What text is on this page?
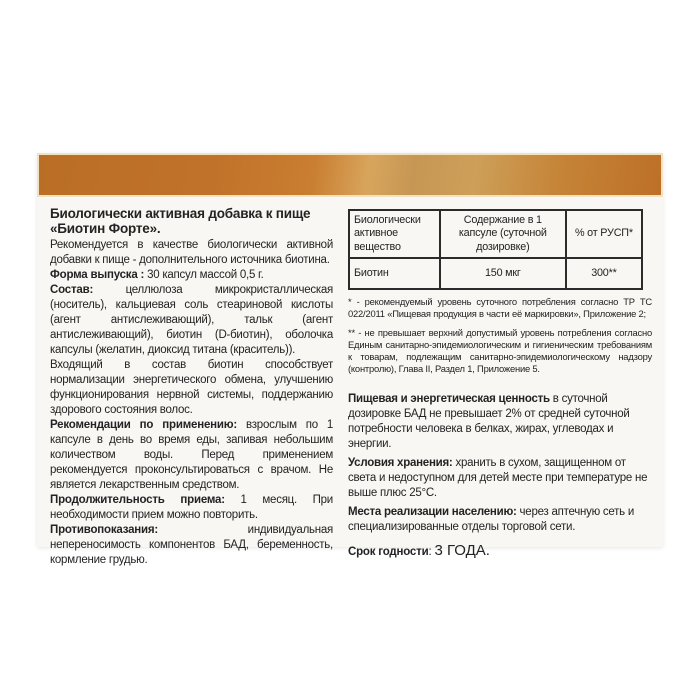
Биологически активная добавка к пище
«Биотин Форте».

Рекомендуется в качестве биологически активной добавки к пище - дополнительного источника биотина.

Форма выпуска : 30 капсул массой 0,5 г.

Состав: целлюлоза микрокристаллическая (носитель), кальциевая соль стеариновой кислоты (агент антислеживающий), тальк (агент антислеживающий), биотин (D-биотин), оболочка капсулы (желатин, диоксид титана (краситель)).

Входящий в состав биотин способствует нормализации энергетического обмена, улучшению функционирования нервной системы, поддержанию здорового состояния волос.

Рекомендации по применению: взрослым по 1 капсуле в день во время еды, запивая небольшим количеством воды. Перед применением рекомендуется проконсультироваться с врачом. Не является лекарственным средством.

Продолжительность приема: 1 месяц. При необходимости прием можно повторить.

Противопоказания: индивидуальная непереносимость компонентов БАД, беременность, кормление грудью.

Биологически активное вещество	Содержание в 1 капсуле (суточной дозировке)	% от РУСП*
Биотин	150 мкг	300**

* - рекомендуемый уровень суточного потребления согласно ТР ТС 022/2011 «Пищевая продукция в части её маркировки», Приложение 2;

** - не превышает верхний допустимый уровень потребления согласно Единым санитарно-эпидемиологическим и гигиеническим требованиям к товарам, подлежащим санитарно-эпидемиологическому надзору (контролю), Глава II, Раздел 1, Приложение 5.

Пищевая и энергетическая ценность в суточной дозировке БАД не превышает 2% от средней суточной потребности человека в белках, жирах, углеводах и энергии.

Условия хранения: хранить в сухом, защищенном от света и недоступном для детей месте при температуре не выше плюс 25°С.

Места реализации населению: через аптечную сеть и специализированные отделы торговой сети.

Срок годности: 3 ГОДА.
